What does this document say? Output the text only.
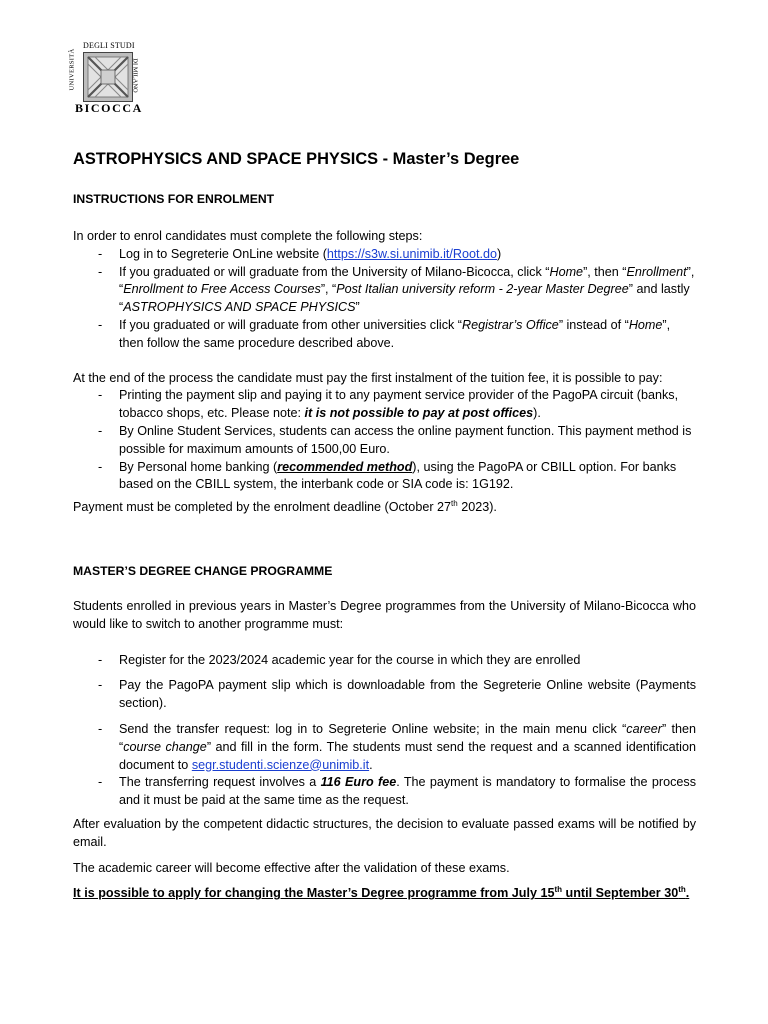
UNIVERSITÀ
DEGLI STUDI
DI MILANO
BICOCCA
ASTROPHYSICS AND SPACE PHYSICS - Master’s Degree
INSTRUCTIONS FOR ENROLMENT

In order to enrol candidates must complete the following steps:

- Log in to Segreterie OnLine website (https://s3w.si.unimib.it/Root.do)
- If you graduated or will graduate from the University of Milano-Bicocca, click “Home”, then “Enrollment”, “Enrollment to Free Access Courses”, “Post Italian university reform - 2-year Master Degree” and lastly “ASTROPHYSICS AND SPACE PHYSICS”
- If you graduated or will graduate from other universities click “Registrar’s Office” instead of “Home”, then follow the same procedure described above.

At the end of the process the candidate must pay the first instalment of the tuition fee, it is possible to pay:

- Printing the payment slip and paying it to any payment service provider of the PagoPA circuit (banks, tobacco shops, etc. Please note: it is not possible to pay at post offices).
- By Online Student Services, students can access the online payment function. This payment method is possible for maximum amounts of 1500,00 Euro.
- By Personal home banking (recommended method), using the PagoPA or CBILL option. For banks based on the CBILL system, the interbank code or SIA code is: 1G192.

Payment must be completed by the enrolment deadline (October 27th 2023).

MASTER’S DEGREE CHANGE PROGRAMME

Students enrolled in previous years in Master’s Degree programmes from the University of Milano-Bicocca who would like to switch to another programme must:

- Register for the 2023/2024 academic year for the course in which they are enrolled
- Pay the PagoPA payment slip which is downloadable from the Segreterie Online website (Payments section).
- Send the transfer request: log in to Segreterie Online website; in the main menu click “career” then “course change” and fill in the form. The students must send the request and a scanned identification document to segr.studenti.scienze@unimib.it.
- The transferring request involves a 116 Euro fee. The payment is mandatory to formalise the process and it must be paid at the same time as the request.

After evaluation by the competent didactic structures, the decision to evaluate passed exams will be notified by email.

The academic career will become effective after the validation of these exams.

It is possible to apply for changing the Master’s Degree programme from July 15th until September 30th.
